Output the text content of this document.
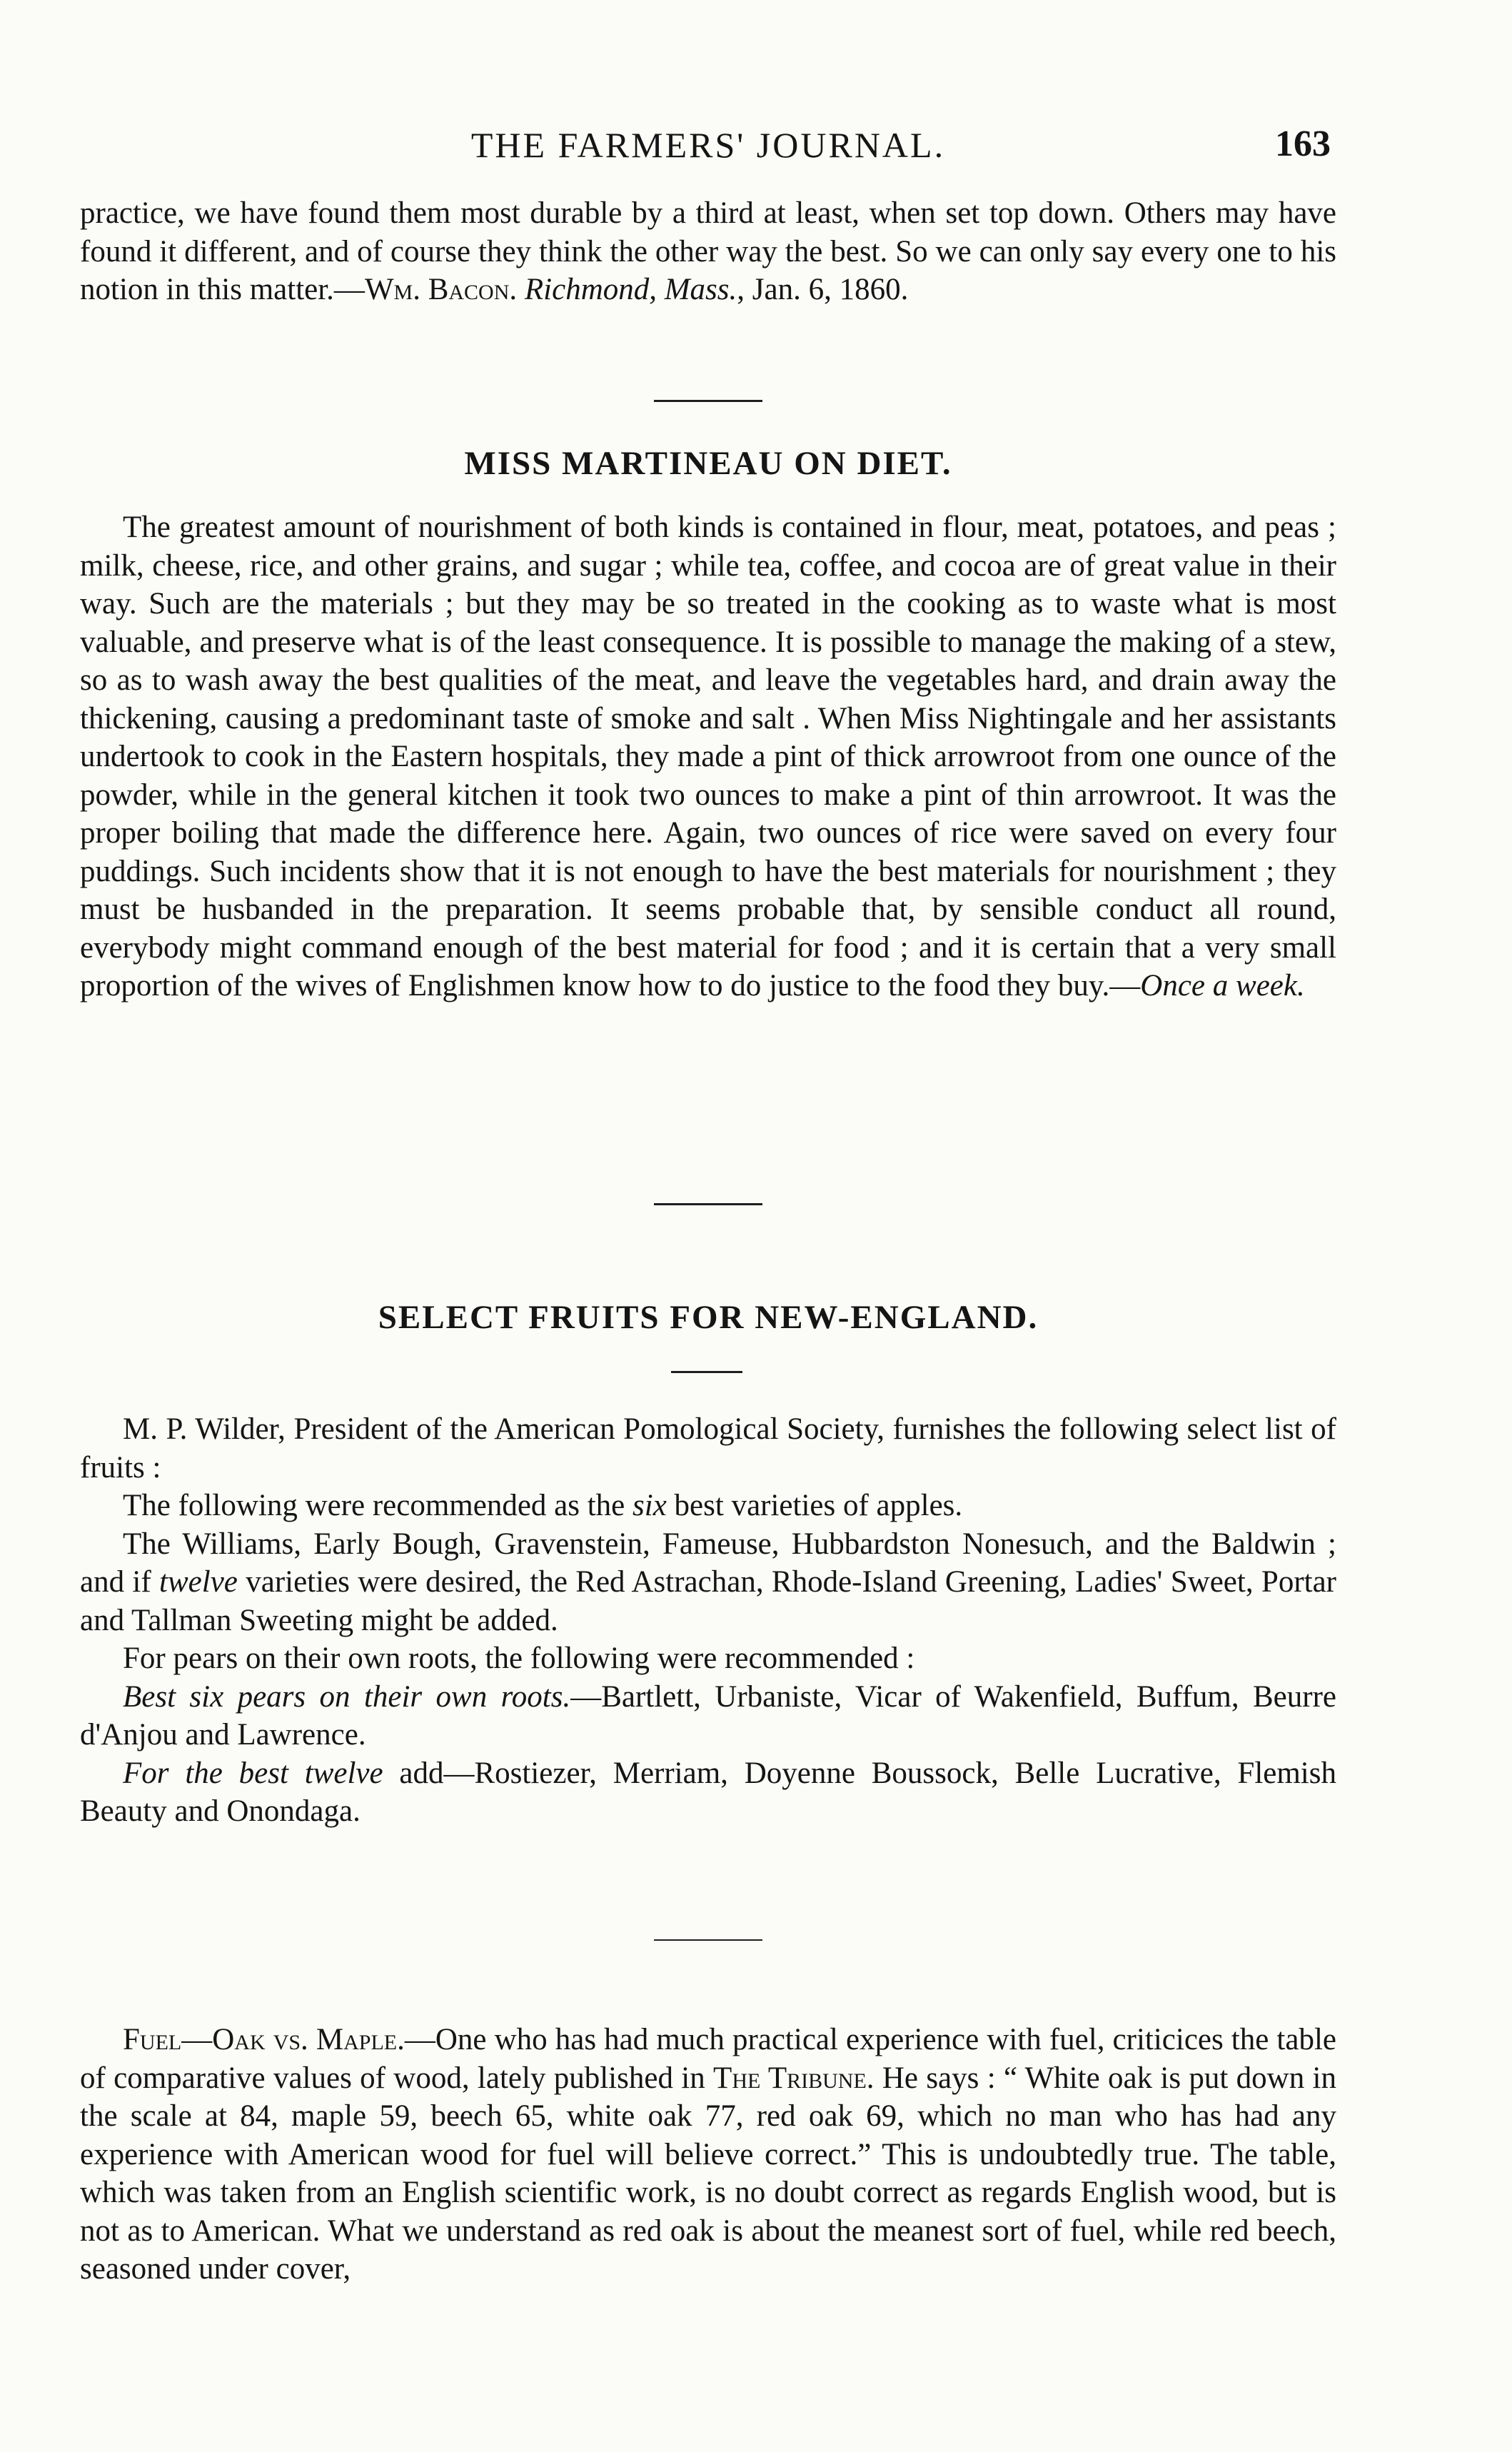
THE FARMERS' JOURNAL.	163

practice, we have found them most durable by a third at least, when set top down. Others may have found it different, and of course they think the other way the best. So we can only say every one to his notion in this matter.—Wm. Bacon. Richmond, Mass., Jan. 6, 1860.

MISS MARTINEAU ON DIET.

The greatest amount of nourishment of both kinds is contained in flour, meat, potatoes, and peas ; milk, cheese, rice, and other grains, and sugar ; while tea, coffee, and cocoa are of great value in their way. Such are the materials ; but they may be so treated in the cooking as to waste what is most valuable, and preserve what is of the least consequence. It is possible to manage the making of a stew, so as to wash away the best qualities of the meat, and leave the vegetables hard, and drain away the thickening, causing a predominant taste of smoke and salt . When Miss Nightingale and her assistants undertook to cook in the Eastern hospitals, they made a pint of thick arrowroot from one ounce of the powder, while in the general kitchen it took two ounces to make a pint of thin arrowroot. It was the proper boiling that made the difference here. Again, two ounces of rice were saved on every four puddings. Such incidents show that it is not enough to have the best materials for nourishment ; they must be husbanded in the preparation. It seems probable that, by sensible conduct all round, everybody might command enough of the best material for food ; and it is certain that a very small proportion of the wives of Englishmen know how to do justice to the food they buy.—Once a week.

SELECT FRUITS FOR NEW-ENGLAND.

M. P. Wilder, President of the American Pomological Society, furnishes the following select list of fruits :

The following were recommended as the six best varieties of apples.

The Williams, Early Bough, Gravenstein, Fameuse, Hubbardston Nonesuch, and the Baldwin ; and if twelve varieties were desired, the Red Astrachan, Rhode-Island Greening, Ladies' Sweet, Portar and Tallman Sweeting might be added.

For pears on their own roots, the following were recommended :

Best six pears on their own roots.—Bartlett, Urbaniste, Vicar of Wakenfield, Buffum, Beurre d'Anjou and Lawrence.

For the best twelve add—Rostiezer, Merriam, Doyenne Boussock, Belle Lucrative, Flemish Beauty and Onondaga.

Fuel—Oak vs. Maple.—One who has had much practical experience with fuel, criticices the table of comparative values of wood, lately published in The Tribune. He says : “ White oak is put down in the scale at 84, maple 59, beech 65, white oak 77, red oak 69, which no man who has had any experience with American wood for fuel will believe correct.” This is undoubtedly true. The table, which was taken from an English scientific work, is no doubt correct as regards English wood, but is not as to American. What we understand as red oak is about the meanest sort of fuel, while red beech, seasoned under cover,
